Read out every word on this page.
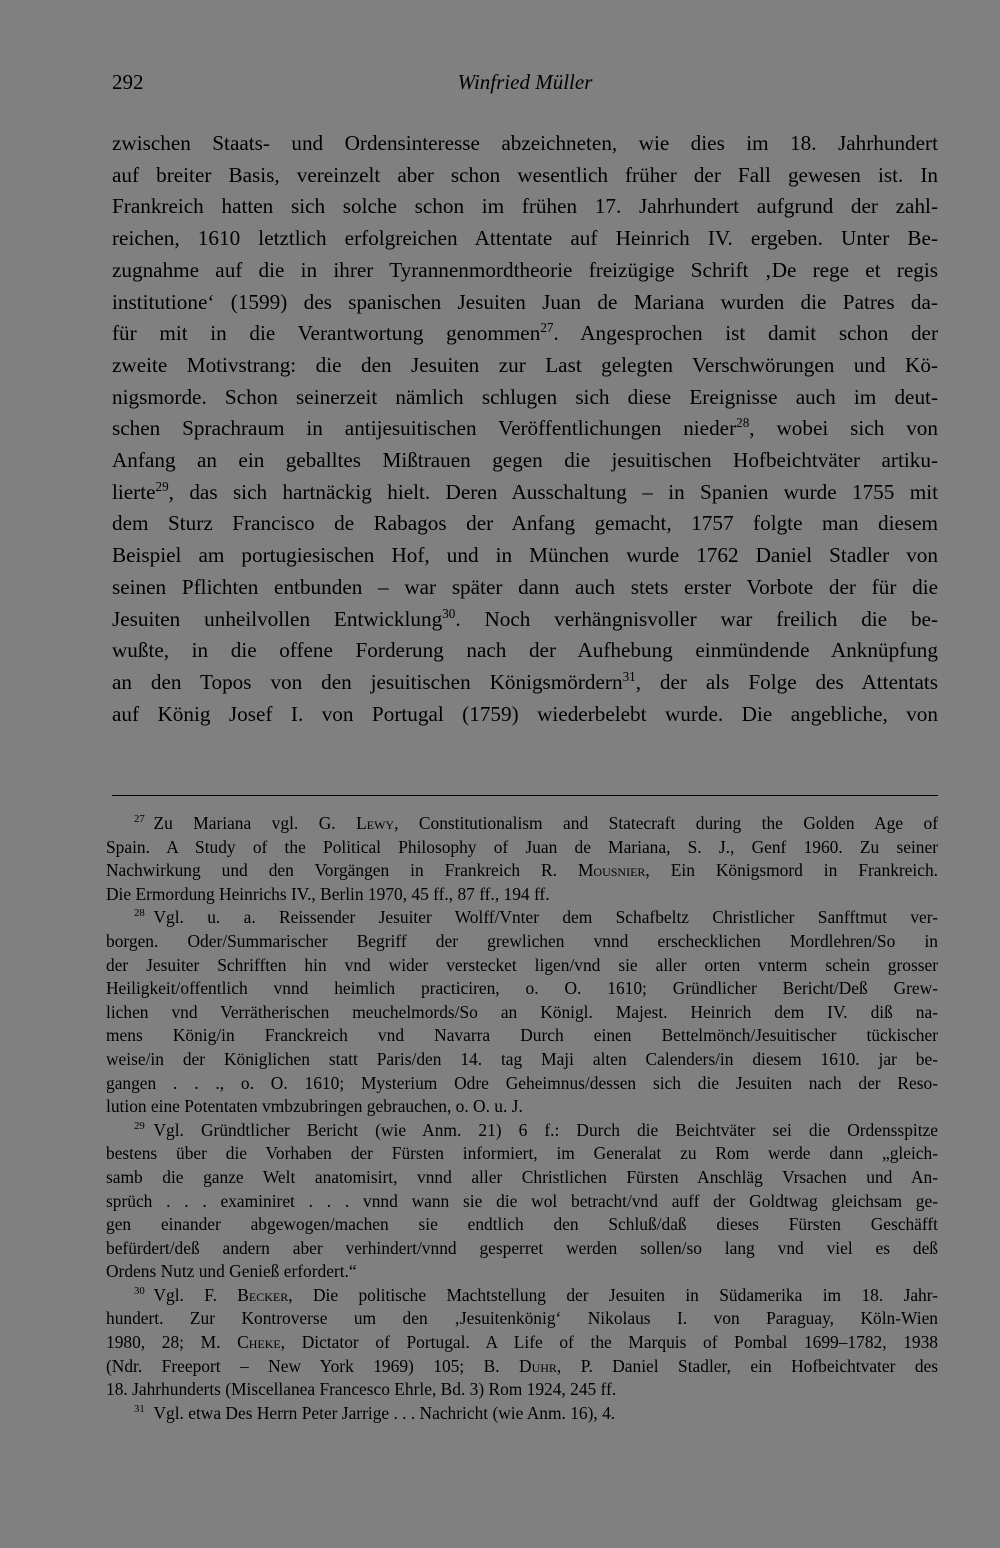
292	Winfried Müller
zwischen Staats- und Ordensinteresse abzeichneten, wie dies im 18. Jahrhundert
auf breiter Basis, vereinzelt aber schon wesentlich früher der Fall gewesen ist. In
Frankreich hatten sich solche schon im frühen 17. Jahrhundert aufgrund der zahl-
reichen, 1610 letztlich erfolgreichen Attentate auf Heinrich IV. ergeben. Unter Be-
zugnahme auf die in ihrer Tyrannenmordtheorie freizügige Schrift ‚De rege et regis
institutione‘ (1599) des spanischen Jesuiten Juan de Mariana wurden die Patres da-
für mit in die Verantwortung genommen$^{27}$. Angesprochen ist damit schon der
zweite Motivstrang: die den Jesuiten zur Last gelegten Verschwörungen und Kö-
nigsmorde. Schon seinerzeit nämlich schlugen sich diese Ereignisse auch im deut-
schen Sprachraum in antijesuitischen Veröffentlichungen nieder$^{28}$, wobei sich von
Anfang an ein geballtes Mißtrauen gegen die jesuitischen Hofbeichtväter artiku-
lierte$^{29}$, das sich hartnäckig hielt. Deren Ausschaltung – in Spanien wurde 1755 mit
dem Sturz Francisco de Rabagos der Anfang gemacht, 1757 folgte man diesem
Beispiel am portugiesischen Hof, und in München wurde 1762 Daniel Stadler von
seinen Pflichten entbunden – war später dann auch stets erster Vorbote der für die
Jesuiten unheilvollen Entwicklung$^{30}$. Noch verhängnisvoller war freilich die be-
wußte, in die offene Forderung nach der Aufhebung einmündende Anknüpfung
an den Topos von den jesuitischen Königsmördern$^{31}$, der als Folge des Attentats
auf König Josef I. von Portugal (1759) wiederbelebt wurde. Die angebliche, von
$^{27}$  Zu Mariana vgl. G. Lewy, Constitutionalism and Statecraft during the Golden Age of
Spain. A Study of the Political Philosophy of Juan de Mariana, S. J., Genf 1960. Zu seiner
Nachwirkung und den Vorgängen in Frankreich R. Mousnier, Ein Königsmord in Frankreich.
Die Ermordung Heinrichs IV., Berlin 1970, 45 ff., 87 ff., 194 ff.
$^{28}$  Vgl. u. a. Reissender Jesuiter Wolff/Vnter dem Schafbeltz Christlicher Sanfftmut ver-
borgen. Oder/Summarischer Begriff der grewlichen vnnd erschecklichen Mordlehren/So in
der Jesuiter Schrifften hin vnd wider verstecket ligen/vnd sie aller orten vnterm schein grosser
Heiligkeit/offentlich vnnd heimlich practiciren, o. O. 1610; Gründlicher Bericht/Deß Grew-
lichen vnd Verrätherischen meuchelmords/So an Königl. Majest. Heinrich dem IV. diß na-
mens König/in Franckreich vnd Navarra Durch einen Bettelmönch/Jesuitischer tückischer
weise/in der Königlichen statt Paris/den 14. tag Maji alten Calenders/in diesem 1610. jar be-
gangen . . ., o. O. 1610; Mysterium Odre Geheimnus/dessen sich die Jesuiten nach der Reso-
lution eine Potentaten vmbzubringen gebrauchen, o. O. u. J.
$^{29}$  Vgl. Gründtlicher Bericht (wie Anm. 21) 6 f.: Durch die Beichtväter sei die Ordensspitze
bestens über die Vorhaben der Fürsten informiert, im Generalat zu Rom werde dann „gleich-
samb die ganze Welt anatomisirt, vnnd aller Christlichen Fürsten Anschläg Vrsachen und An-
sprüch . . . examiniret . . . vnnd wann sie die wol betracht/vnd auff der Goldtwag gleichsam ge-
gen einander abgewogen/machen sie endtlich den Schluß/daß dieses Fürsten Geschäfft
befürdert/deß andern aber verhindert/vnnd gesperret werden sollen/so lang vnd viel es deß
Ordens Nutz und Genieß erfordert.“
$^{30}$  Vgl. F. Becker, Die politische Machtstellung der Jesuiten in Südamerika im 18. Jahr-
hundert. Zur Kontroverse um den ‚Jesuitenkönig‘ Nikolaus I. von Paraguay, Köln-Wien
1980, 28; M. Cheke, Dictator of Portugal. A Life of the Marquis of Pombal 1699–1782, 1938
(Ndr. Freeport – New York 1969) 105; B. Duhr, P. Daniel Stadler, ein Hofbeichtvater des
18. Jahrhunderts (Miscellanea Francesco Ehrle, Bd. 3) Rom 1924, 245 ff.
$^{31}$  Vgl. etwa Des Herrn Peter Jarrige . . . Nachricht (wie Anm. 16), 4.
